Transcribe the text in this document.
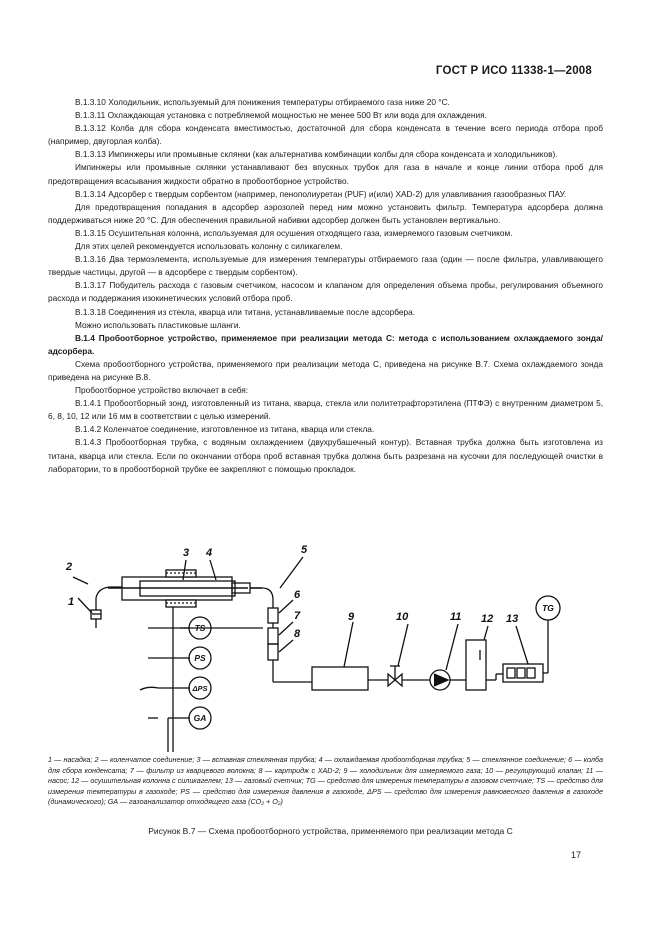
ГОСТ Р ИСО 11338-1—2008

В.1.3.10 Холодильник, используемый для понижения температуры отбираемого газа ниже 20 °С.

В.1.3.11 Охлаждающая установка с потребляемой мощностью не менее 500 Вт или вода для охлаждения.

В.1.3.12 Колба для сбора конденсата вместимостью, достаточной для сбора конденсата в течение всего периода отбора проб (например, двугорлая колба).

В.1.3.13 Импинжеры или промывные склянки (как альтернатива комбинации колбы для сбора конденсата и холодильников).

Импинжеры или промывные склянки устанавливают без впускных трубок для газа в начале и конце линии отбора проб для предотвращения всасывания жидкости обратно в пробоотборное устройство.

В.1.3.14 Адсорбер с твердым сорбентом (например, пенополиуретан (PUF) и(или) XAD-2) для улавливания газообразных ПАУ.

Для предотвращения попадания в адсорбер аэрозолей перед ним можно установить фильтр. Температура адсорбера должна поддерживаться ниже 20 °С. Для обеспечения правильной набивки адсорбер должен быть установлен вертикально.

В.1.3.15 Осушительная колонна, используемая для осушения отходящего газа, измеряемого газовым счетчиком.

Для этих целей рекомендуется использовать колонну с силикагелем.

В.1.3.16 Два термоэлемента, используемые для измерения температуры отбираемого газа (один — после фильтра, улавливающего твердые частицы, другой — в адсорбере с твердым сорбентом).

В.1.3.17 Побудитель расхода с газовым счетчиком, насосом и клапаном для определения объема пробы, регулирования объемного расхода и поддержания изокинетических условий отбора проб.

В.1.3.18 Соединения из стекла, кварца или титана, устанавливаемые после адсорбера.

Можно использовать пластиковые шланги.

В.1.4 Пробоотборное устройство, применяемое при реализации метода С: метода с использованием охлаждаемого зонда/адсорбера.

Схема пробоотборного устройства, применяемого при реализации метода С, приведена на рисунке В.7. Схема охлаждаемого зонда приведена на рисунке В.8.

Пробоотборное устройство включает в себя:

В.1.4.1 Пробоотборный зонд, изготовленный из титана, кварца, стекла или политетрафторэтилена (ПТФЭ) с внутренним диаметром 5, 6, 8, 10, 12 или 16 мм в соответствии с целью измерений.

В.1.4.2 Коленчатое соединение, изготовленное из титана, кварца или стекла.

В.1.4.3 Пробоотборная трубка, с водяным охлаждением (двухрубашечный контур). Вставная трубка должна быть изготовлена из титана, кварца или стекла. Если по окончании отбора проб вставная трубка должна быть разрезана на кусочки для последующей очистки в лаборатории, то в пробоотборной трубке ее закрепляют с помощью прокладок.

1
2
3 4	5
6
7
8
9	10	11 12 13
TS
PS
ΔPS
GA
TG
1 — насадка; 2 — коленчатое соединение; 3 — вставная стеклянная трубка; 4 — охлаждаемая пробоотборная трубка; 5 — стеклянное соединение; 6 — колба для сбора конденсата; 7 — фильтр из кварцевого волокна; 8 — картридж с XAD-2; 9 — холодильник для измеряемого газа; 10 — регулирующий клапан; 11 — насос; 12 — осушительная колонна с силикагелем; 13 — газовый счетчик; TG — средство для измерения температуры в газовом счетчике; TS — средство для измерения температуры в газоходе; PS — средство для измерения давления в газоходе, ΔPS — средство для измерения равновесного давления в газоходе (динамического); GA — газоанализатор отходящего газа (CO₂ + O₂)
Рисунок В.7 — Схема пробоотборного устройства, применяемого при реализации метода С
17
